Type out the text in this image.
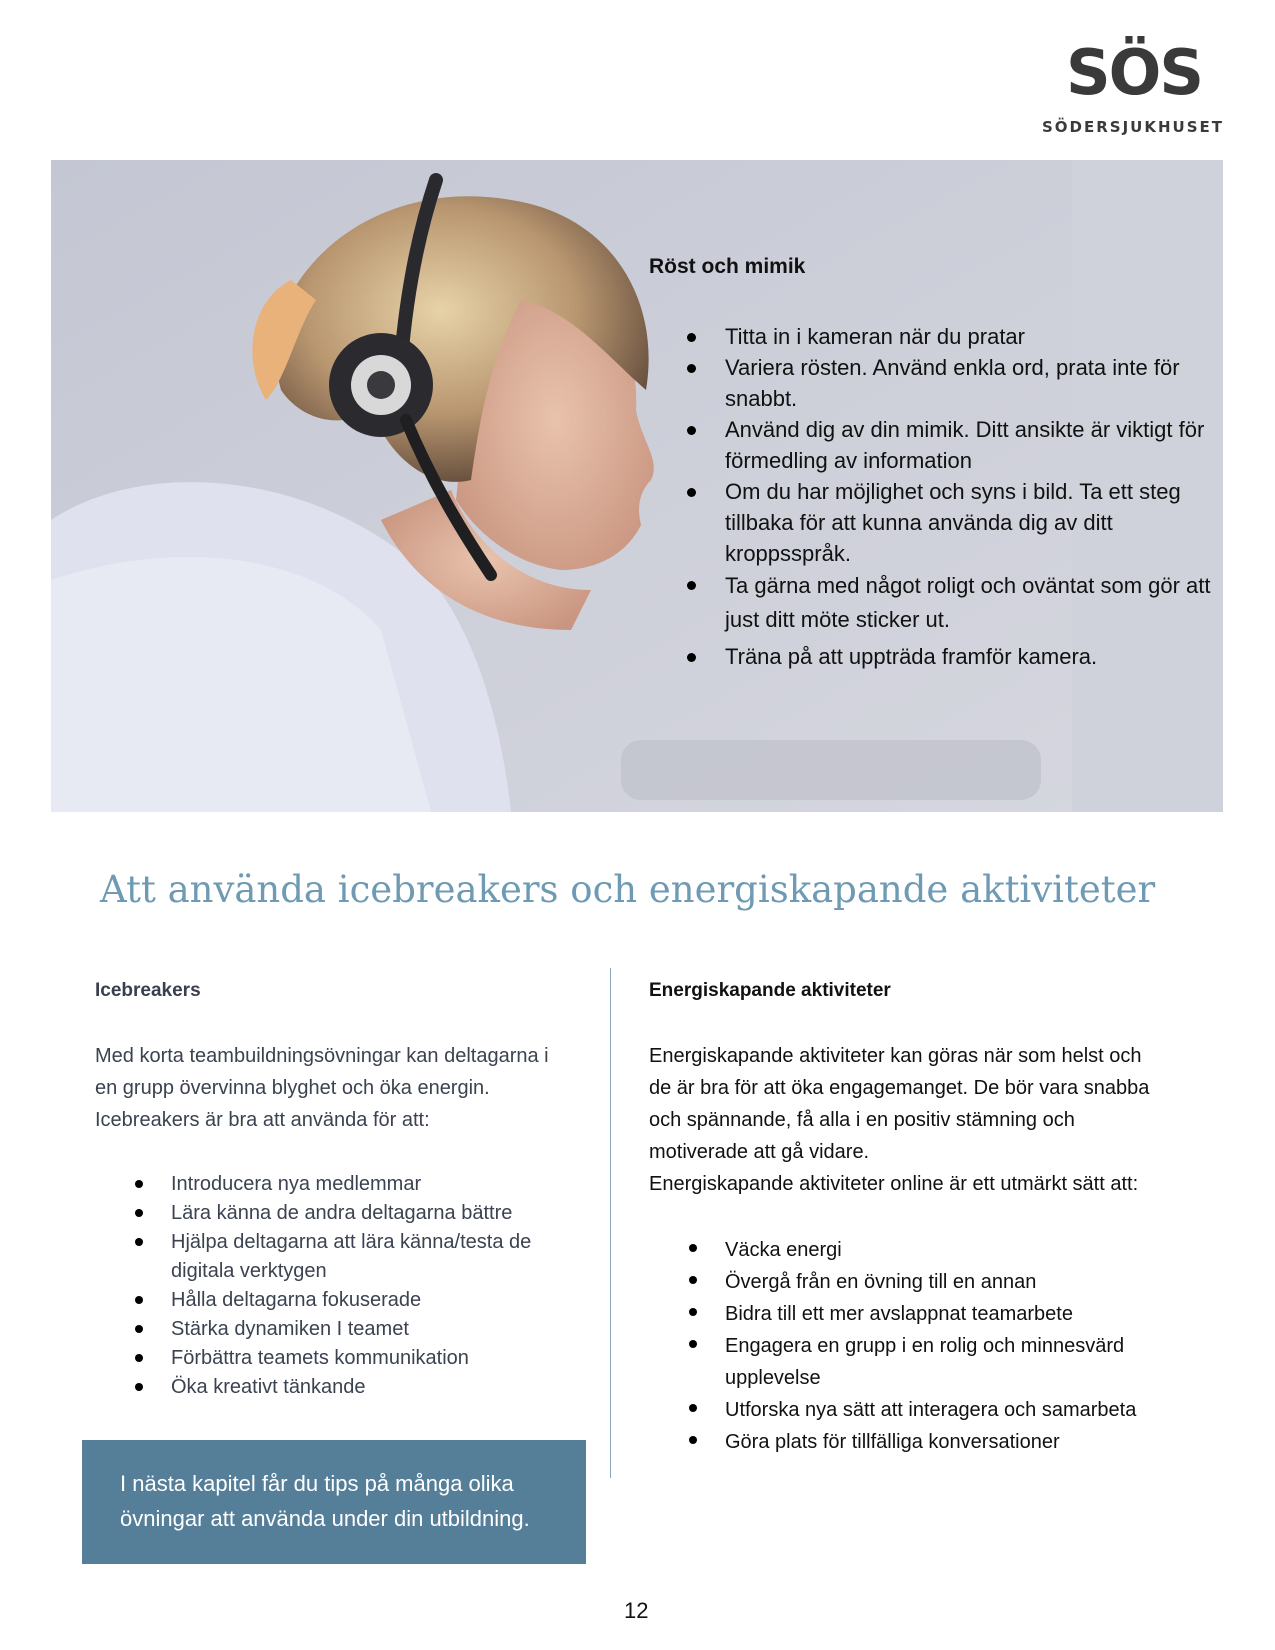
SÖS
SÖDERSJUKHUSET
Röst och mimik
Titta in i kameran när du pratar
Variera rösten. Använd enkla ord, prata inte för snabbt.
Använd dig av din mimik. Ditt ansikte är viktigt för förmedling av information
Om du har möjlighet och syns i bild. Ta ett steg tillbaka för att kunna använda dig av ditt kroppsspråk.
Ta gärna med något roligt och oväntat som gör att just ditt möte sticker ut.
Träna på att uppträda framför kamera.
Att använda icebreakers och energiskapande aktiviteter
Icebreakers

Med korta teambuildningsövningar kan deltagarna i
en grupp övervinna blyghet och öka energin.
Icebreakers är bra att använda för att:

Introducera nya medlemmar
Lära känna de andra deltagarna bättre
Hjälpa deltagarna att lära känna/testa de digitala verktygen
Hålla deltagarna fokuserade
Stärka dynamiken I teamet
Förbättra teamets kommunikation
Öka kreativt tänkande
Energiskapande aktiviteter

Energiskapande aktiviteter kan göras när som helst och
de är bra för att öka engagemanget. De bör vara snabba
och spännande, få alla i en positiv stämning och
motiverade att gå vidare.
Energiskapande aktiviteter online är ett utmärkt sätt att:

Väcka energi
Övergå från en övning till en annan
Bidra till ett mer avslappnat teamarbete
Engagera en grupp i en rolig och minnesvärd upplevelse
Utforska nya sätt att interagera och samarbeta
Göra plats för tillfälliga konversationer
I nästa kapitel får du tips på många olika
övningar att använda under din utbildning.
12
